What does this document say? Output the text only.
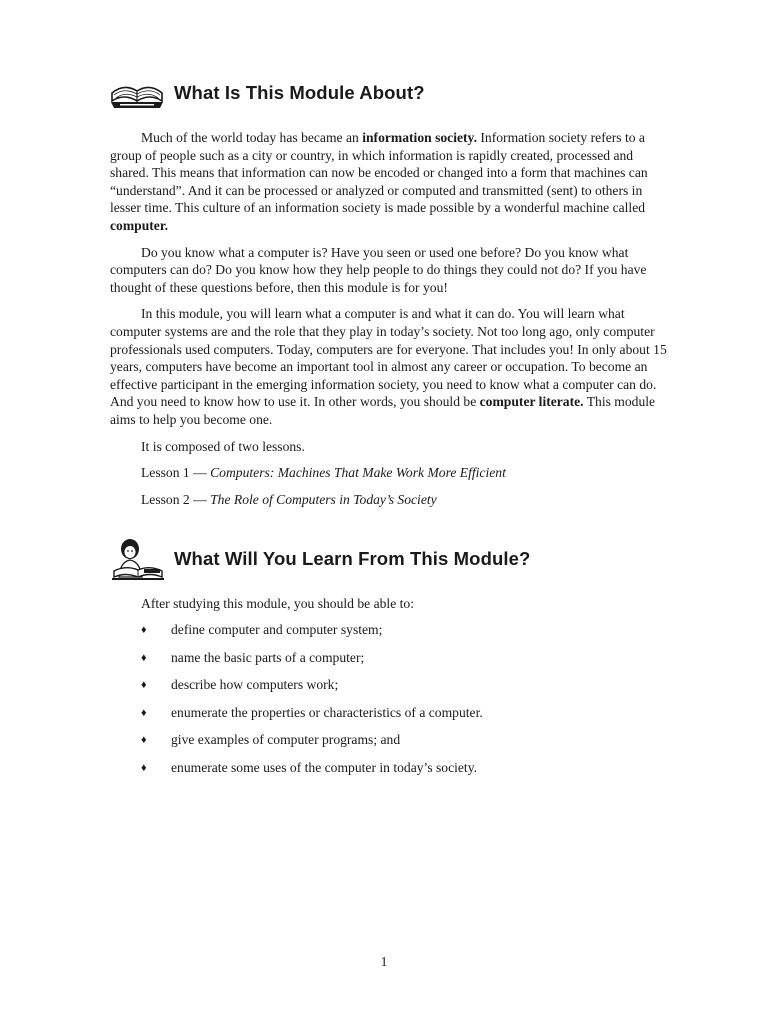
What Is This Module About?

Much of the world today has became an information society. Information society refers to a group of people such as a city or country, in which information is rapidly created, processed and shared. This means that information can now be encoded or changed into a form that machines can “understand”. And it can be processed or analyzed or computed and transmitted (sent) to others in lesser time. This culture of an information society is made possible by a wonderful machine called computer.

Do you know what a computer is? Have you seen or used one before? Do you know what computers can do? Do you know how they help people to do things they could not do? If you have thought of these questions before, then this module is for you!

In this module, you will learn what a computer is and what it can do. You will learn what computer systems are and the role that they play in today’s society. Not too long ago, only computer professionals used computers. Today, computers are for everyone. That includes you! In only about 15 years, computers have become an important tool in almost any career or occupation. To become an effective participant in the emerging information society, you need to know what a computer can do. And you need to know how to use it. In other words, you should be computer literate. This module aims to help you become one.

It is composed of two lessons.

Lesson 1 — Computers: Machines That Make Work More Efficient
Lesson 2 — The Role of Computers in Today’s Society
What Will You Learn From This Module?
After studying this module, you should be able to:
♦	define computer and computer system;
♦	name the basic parts of a computer;
♦	describe how computers work;
♦	enumerate the properties or characteristics of a computer.
♦	give examples of computer programs; and
♦	enumerate some uses of the computer in today’s society.
1
